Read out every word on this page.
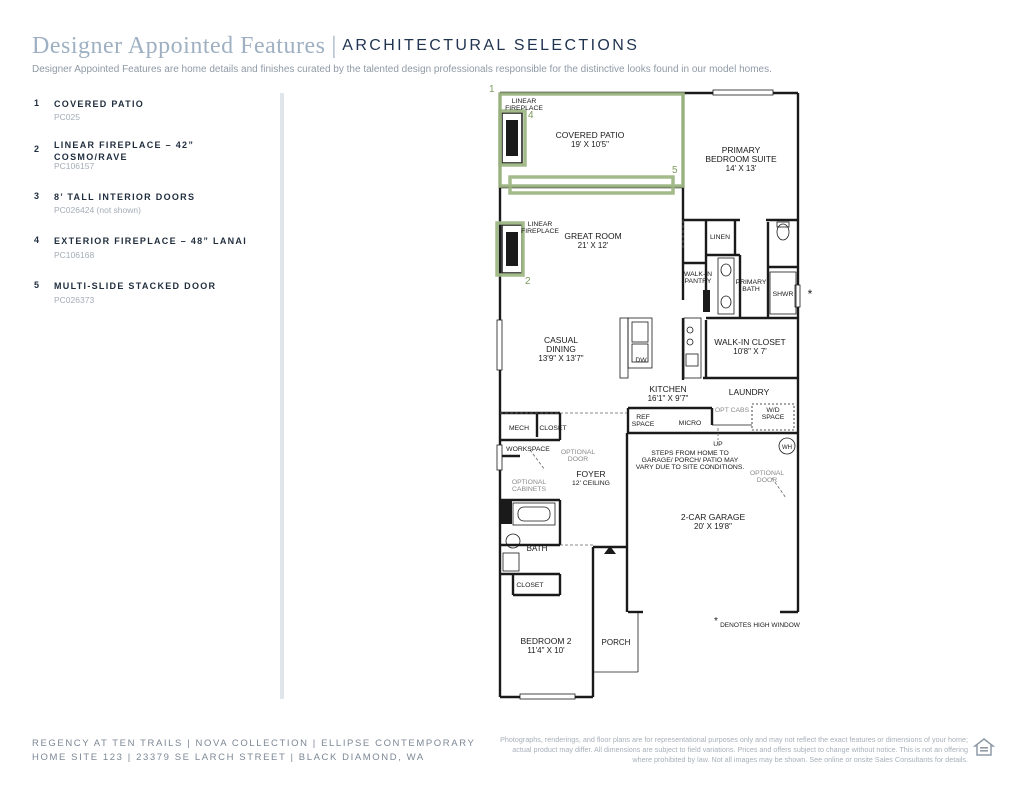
Designer Appointed Features | ARCHITECTURAL SELECTIONS
Designer Appointed Features are home details and finishes curated by the talented design professionals responsible for the distinctive looks found in our model homes.
1 COVERED PATIO
PC025
2 LINEAR FIREPLACE – 42” COSMO/RAVE
PC106157
3 8’ TALL INTERIOR DOORS
PC026424 (not shown)
4 EXTERIOR FIREPLACE – 48” LANAI
PC106168
5 MULTI-SLIDE STACKED DOOR
PC026373
1
4
5
2
LINEAR
FIREPLACE
COVERED PATIO
19' X 10'5"
PRIMARY
BEDROOM SUITE
14' X 13'
LINEAR
FIREPLACE GREAT ROOM
21' X 12'
LINEN
WALK-IN
PANTRY	PRIMARY
BATH
SHWR *
CASUAL
DINING
13'9" X 13'7"	DW
WALK-IN CLOSET
10'8" X 7'
KITCHEN
16'1" X 9'7"
LAUNDRY
OPT CABS	W/D
SPACE
REF
SPACE	MICRO
MECH CLOSET
UP	WH
WORKSPACE OPTIONAL
DOOR
STEPS FROM HOME TO
GARAGE/ PORCH/ PATIO MAY
VARY DUE TO SITE CONDITIONS.
OPTIONAL
DOOR
FOYER
12' CEILING
OPTIONAL
CABINETS
2-CAR GARAGE
20' X 19'8"
BATH
CLOSET
* DENOTES HIGH WINDOW
PORCH
BEDROOM 2
11'4" X 10'
REGENCY AT TEN TRAILS | NOVA COLLECTION | ELLIPSE CONTEMPORARY
HOME SITE 123 | 23379 SE LARCH STREET | BLACK DIAMOND, WA
Photographs, renderings, and floor plans are for representational purposes only and may not reflect the exact features or dimensions of your home; actual product may differ. All dimensions are subject to field variations. Prices and offers subject to change without notice. This is not an offering where prohibited by law. Not all images may be shown. See online or onsite Sales Consultants for details.
